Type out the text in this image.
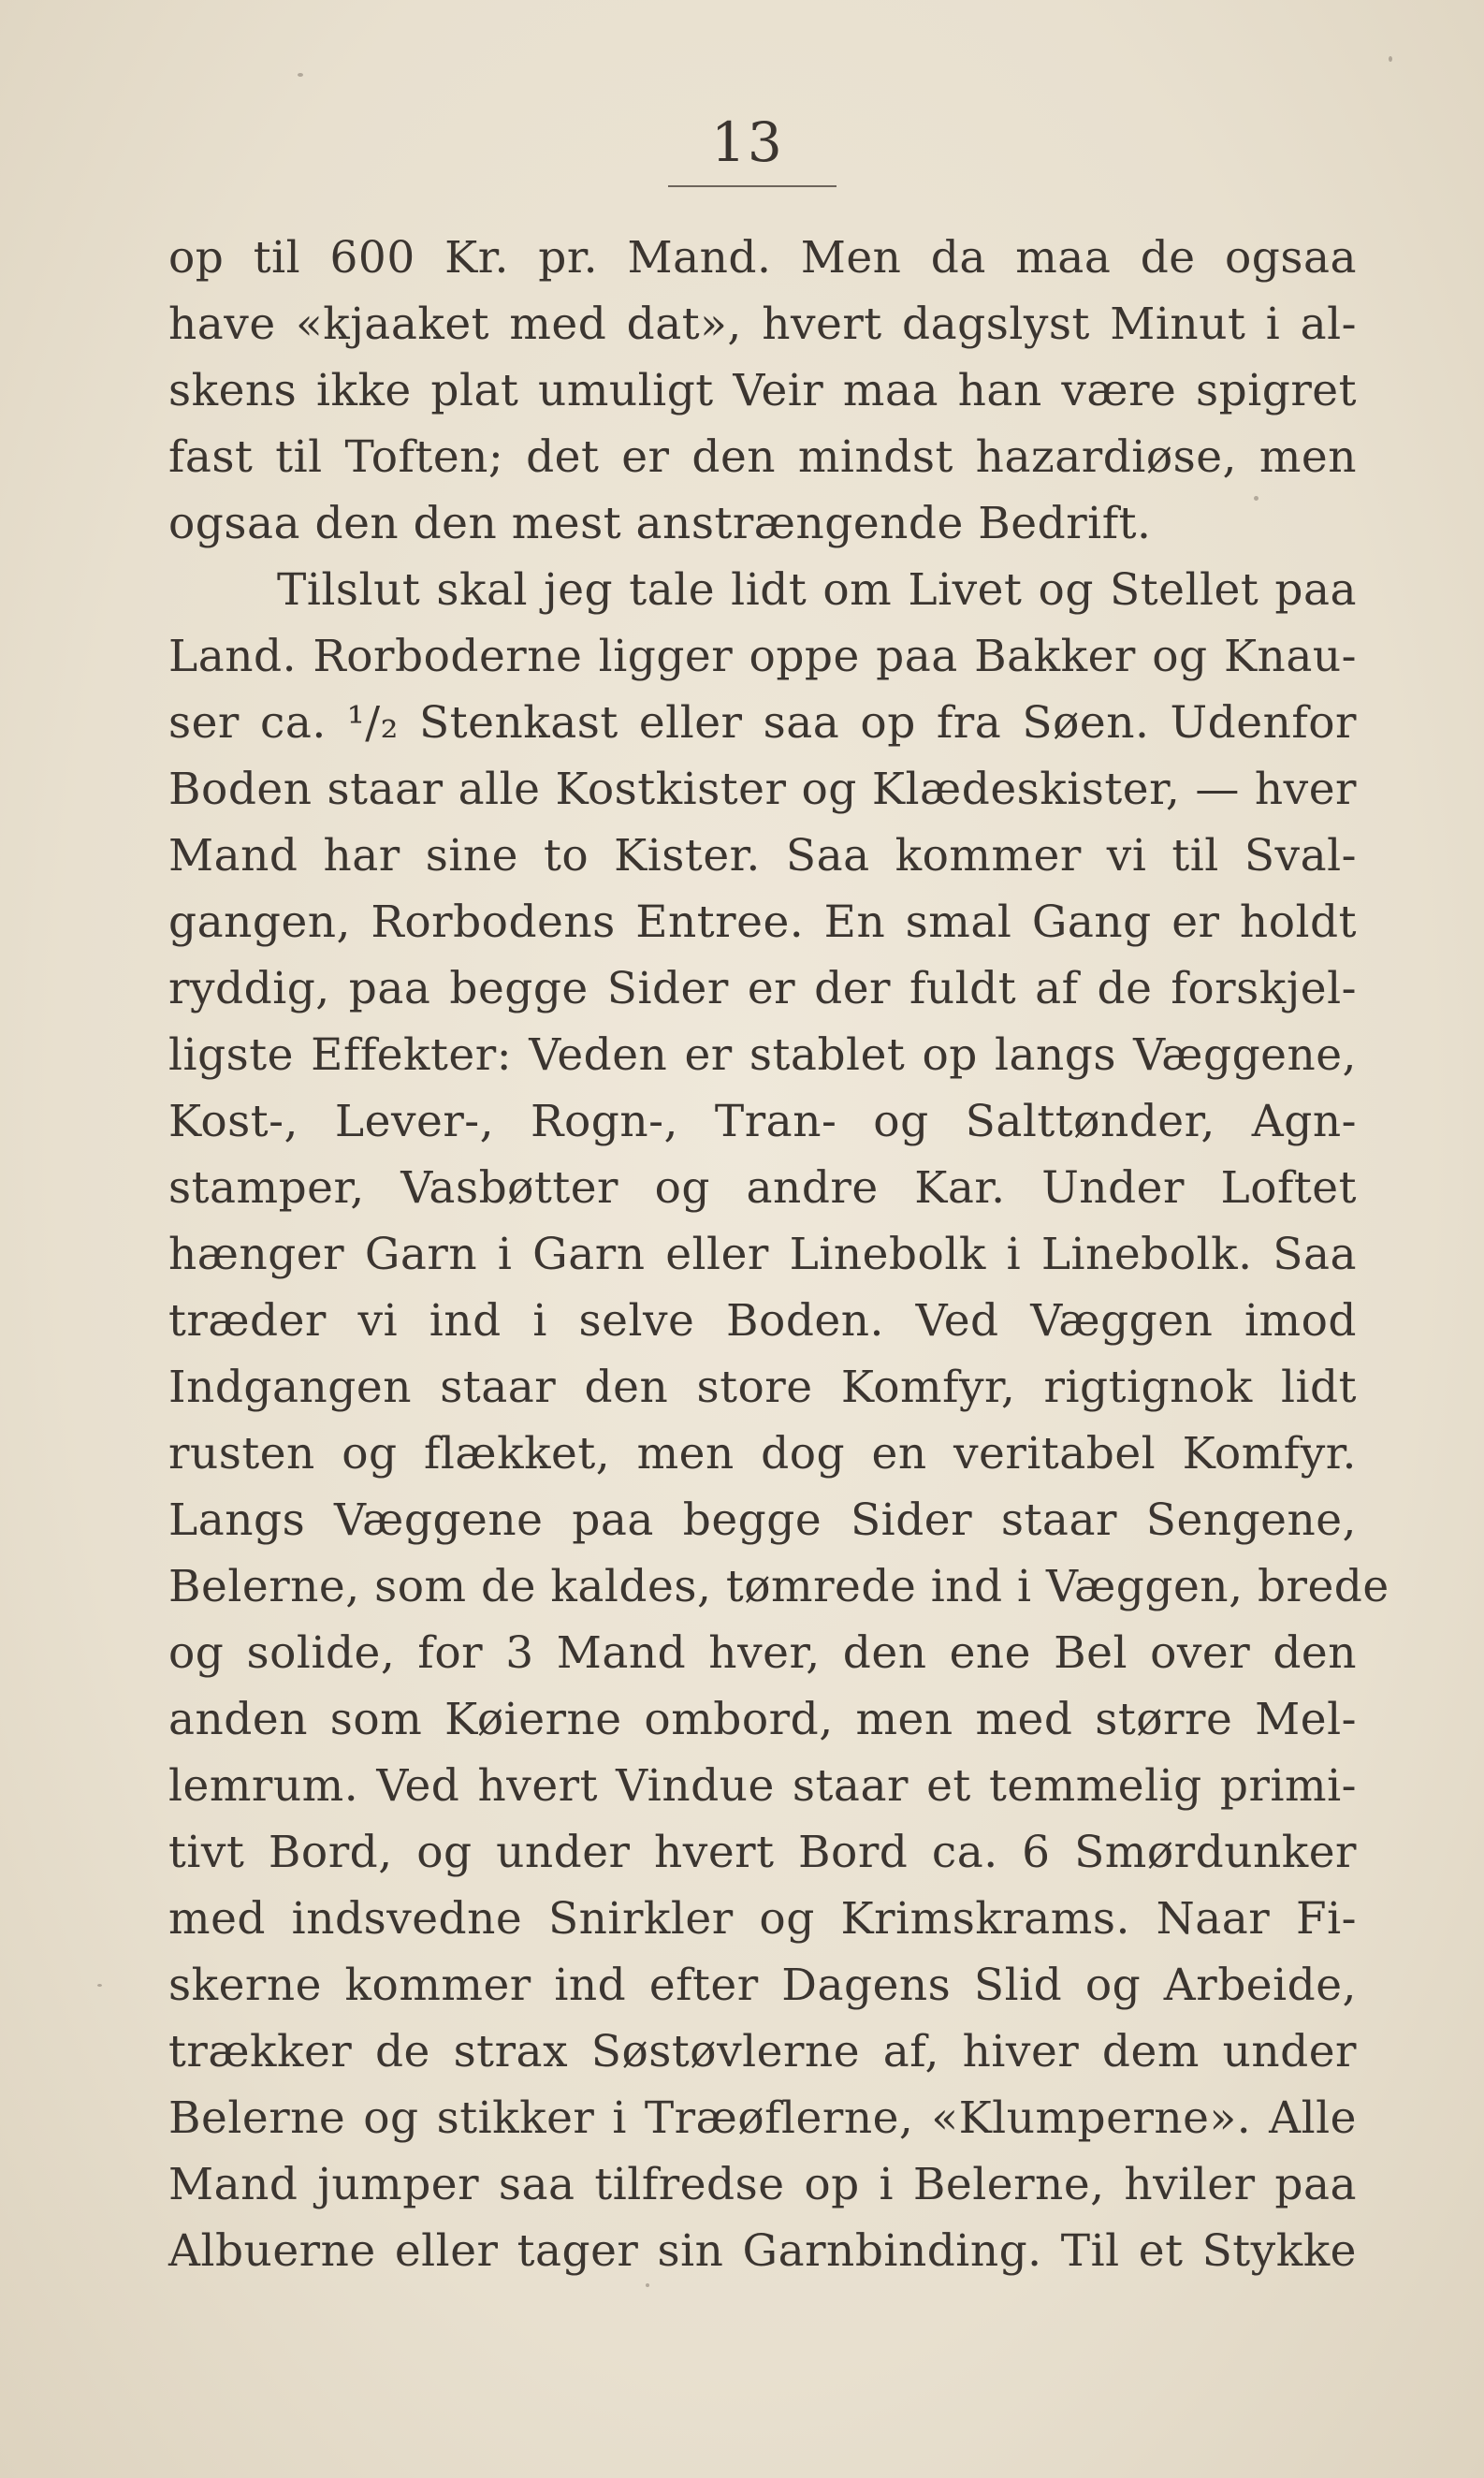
13
op til 600 Kr. pr. Mand. Men da maa de ogsaa
have «kjaaket med dat», hvert dagslyst Minut i al-
skens ikke plat umuligt Veir maa han være spigret
fast til Toften; det er den mindst hazardiøse, men
ogsaa den den mest anstrængende Bedrift.
Tilslut skal jeg tale lidt om Livet og Stellet paa
Land. Rorboderne ligger oppe paa Bakker og Knau-
ser ca. ¹/₂ Stenkast eller saa op fra Søen. Udenfor
Boden staar alle Kostkister og Klædeskister, — hver
Mand har sine to Kister. Saa kommer vi til Sval-
gangen, Rorbodens Entree. En smal Gang er holdt
ryddig, paa begge Sider er der fuldt af de forskjel-
ligste Effekter: Veden er stablet op langs Væggene,
Kost-, Lever-, Rogn-, Tran- og Salttønder, Agn-
stamper, Vasbøtter og andre Kar. Under Loftet
hænger Garn i Garn eller Linebolk i Linebolk. Saa
træder vi ind i selve Boden. Ved Væggen imod
Indgangen staar den store Komfyr, rigtignok lidt
rusten og flækket, men dog en veritabel Komfyr.
Langs Væggene paa begge Sider staar Sengene,
Belerne, som de kaldes, tømrede ind i Væggen, brede
og solide, for 3 Mand hver, den ene Bel over den
anden som Køierne ombord, men med større Mel-
lemrum. Ved hvert Vindue staar et temmelig primi-
tivt Bord, og under hvert Bord ca. 6 Smørdunker
med indsvedne Snirkler og Krimskrams. Naar Fi-
skerne kommer ind efter Dagens Slid og Arbeide,
trækker de strax Søstøvlerne af, hiver dem under
Belerne og stikker i Træøflerne, «Klumperne». Alle
Mand jumper saa tilfredse op i Belerne, hviler paa
Albuerne eller tager sin Garnbinding. Til et Stykke
